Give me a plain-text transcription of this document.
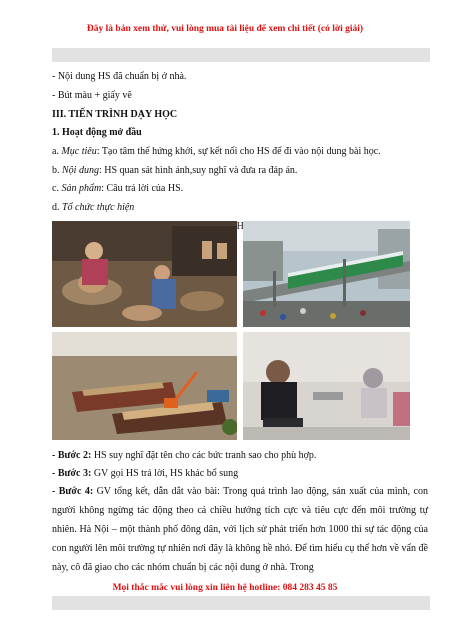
Đây là bản xem thử, vui lòng mua tài liệu để xem chi tiết (có lời giải)
- Nội dung HS đã chuẩn bị ở nhà.
- Bút màu + giấy vẽ
III. TIẾN TRÌNH DẠY HỌC
1. Hoạt động mở đầu
a. Mục tiêu: Tạo tâm thế hứng khởi, sự kết nối cho HS để đi vào nội dung bài học.
b. Nội dung: HS quan sát hình ảnh,suy nghĩ và đưa ra đáp án.
c. Sản phẩm: Câu trả lời của HS.
d. Tổ chức thực hiện
- Bước 2: HS suy nghĩ đặt tên cho các bức tranh sao cho phù hợp.
- Bước 3: GV gọi HS trả lời, HS khác bổ sung
- Bước 4: GV tổng kết, dẫn dắt vào bài: Trong quá trình lao động, sản xuất của mình, con người không ngừng tác động theo cả chiều hướng tích cực và tiêu cực đến môi trường tự nhiên. Hà Nội – một thành phố đông dân, với lịch sử phát triển hơn 1000 thì sự tác động của con người lên môi trường tự nhiên nơi đây là không hề nhỏ. Để tìm hiểu cụ thể hơn về vấn đề này, cô đã giao cho các nhóm chuẩn bị các nội dung ở nhà. Trong
Mọi thắc mắc vui lòng xin liên hệ hotline: 084 283 45 85
